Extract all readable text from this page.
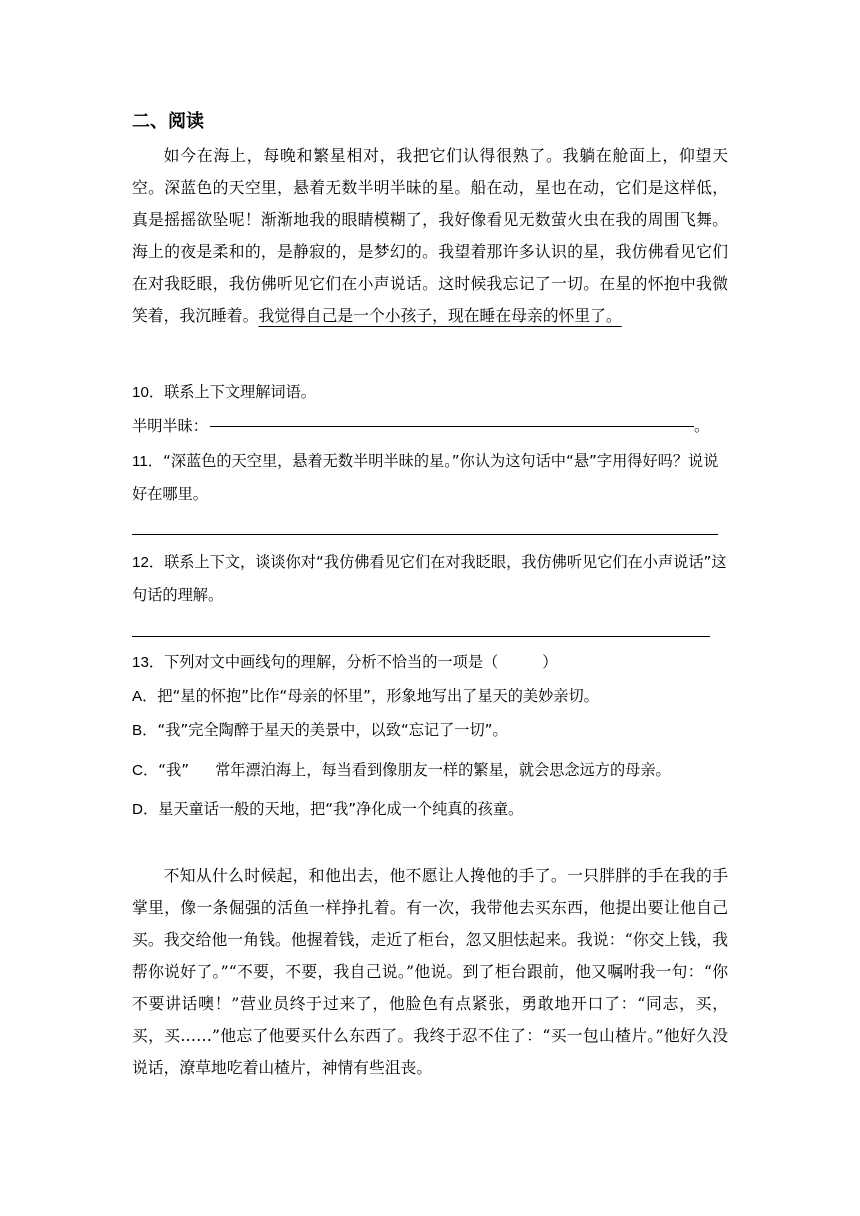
二、阅读

如今在海上，每晚和繁星相对，我把它们认得很熟了。我躺在舱面上，仰望天空。深蓝色的天空里，悬着无数半明半昧的星。船在动，星也在动，它们是这样低，真是摇摇欲坠呢！渐渐地我的眼睛模糊了，我好像看见无数萤火虫在我的周围飞舞。海上的夜是柔和的，是静寂的，是梦幻的。我望着那许多认识的星，我仿佛看见它们在对我眨眼，我仿佛听见它们在小声说话。这时候我忘记了一切。在星的怀抱中我微笑着，我沉睡着。我觉得自己是一个小孩子，现在睡在母亲的怀里了。

10．联系上下文理解词语。

半明半昧：	。

11．“深蓝色的天空里，悬着无数半明半昧的星。”你认为这句话中“悬”字用得好吗？说说好在哪里。

12．联系上下文，谈谈你对“我仿佛看见它们在对我眨眼，我仿佛听见它们在小声说话”这句话的理解。

13．下列对文中画线句的理解，分析不恰当的一项是（	）

A．把“星的怀抱”比作“母亲的怀里”，形象地写出了星天的美妙亲切。

B．“我”完全陶醉于星天的美景中，以致“忘记了一切”。

C．“我” 常年漂泊海上，每当看到像朋友一样的繁星，就会思念远方的母亲。

D．星天童话一般的天地，把“我”净化成一个纯真的孩童。

不知从什么时候起，和他出去，他不愿让人搀他的手了。一只胖胖的手在我的手掌里，像一条倔强的活鱼一样挣扎着。有一次，我带他去买东西，他提出要让他自己买。我交给他一角钱。他握着钱，走近了柜台，忽又胆怯起来。我说：“你交上钱，我帮你说好了。”“不要，不要，我自己说。”他说。到了柜台跟前，他又嘱咐我一句：“你不要讲话噢！”营业员终于过来了，他脸色有点紧张，勇敢地开口了：“同志，买，买，买……”他忘了他要买什么东西了。我终于忍不住了：“买一包山楂片。”他好久没说话，潦草地吃着山楂片，神情有些沮丧。
